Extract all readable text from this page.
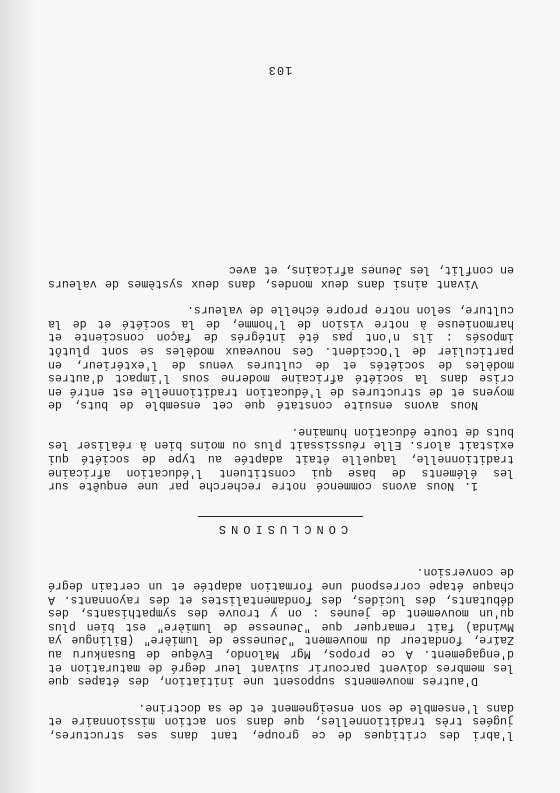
l'abri des critiques de ce groupe, tant dans ses structures, jugées très traditionnelles, que dans son action missionnaire et dans l'ensemble de son enseignement et de sa doctrine.

D'autres mouvements supposent une initiation, des étapes que les membres doivent parcourir suivant leur degré de maturation et d'engagement. A ce propos, Mgr Malondo, Evêque de Busankuru au Zaïre, fondateur du mouvement "Jeunesse de lumière" (Bilingue ya Mwinda) fait remarquer que "Jeunesse de lumière" est bien plus qu'un mouvement de jeunes : on y trouve des sympathisants, des débutants, des lucides, des fondamentalistes et des rayonnants. A chaque étape correspond une formation adaptée et un certain degré de conversion.

CONCLUSIONS

1. Nous avons commencé notre recherche par une enquête sur les éléments de base qui constituent l'éducation africaine traditionnelle, laquelle était adaptée au type de société qui existait alors. Elle réussissait plus ou moins bien à réaliser les buts de toute éducation humaine.

Nous avons ensuite constaté que cet ensemble de buts, de moyens et de structures de l'éducation traditionnelle est entré en crise dans la société africaine moderne sous l'impact d'autres modèles de sociétés et de cultures venus de l'extérieur, en particulier de l'Occident. Ces nouveaux modèles se sont plutôt imposés : ils n'ont pas été intégrés de façon consciente et harmonieuse à notre vision de l'homme, de la société et de la culture, selon notre propre échelle de valeurs.

Vivant ainsi dans deux mondes, dans deux systèmes de valeurs en conflit, les Jeunes africains, et avec

103
